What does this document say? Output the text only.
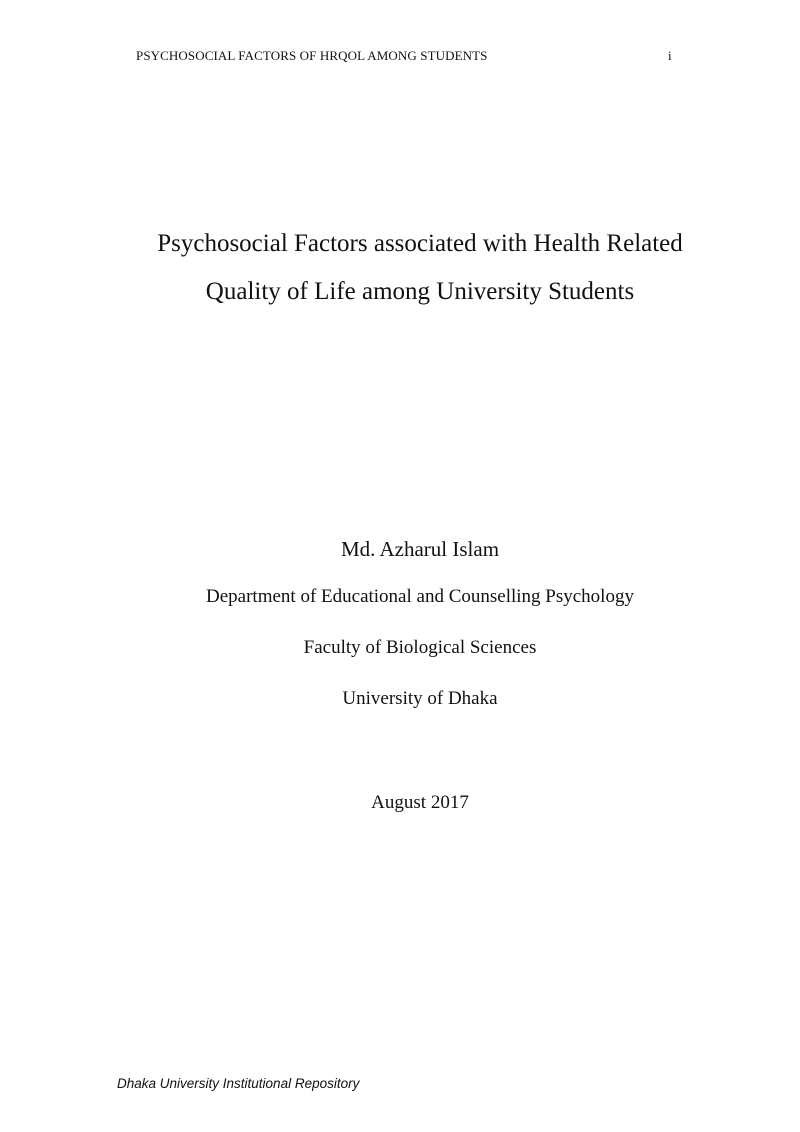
PSYCHOSOCIAL FACTORS OF HRQOL AMONG STUDENTS	i
Psychosocial Factors associated with Health Related
Quality of Life among University Students
Md. Azharul Islam
Department of Educational and Counselling Psychology
Faculty of Biological Sciences
University of Dhaka
August 2017
Dhaka University Institutional Repository
